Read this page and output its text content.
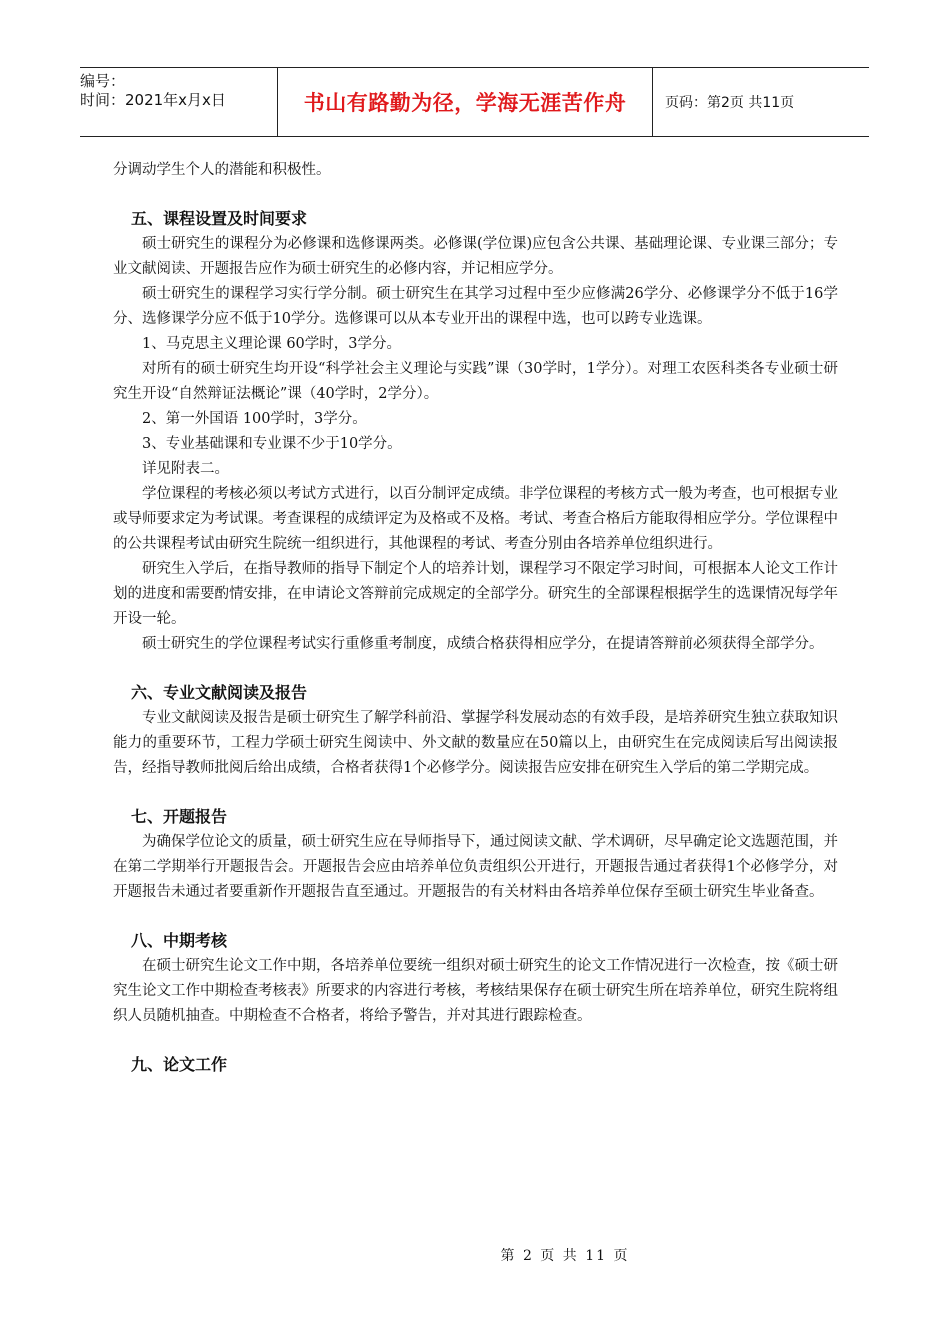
编号：
时间：2021年x月x日	书山有路勤为径，学海无涯苦作舟	页码：第2页 共11页

分调动学生个人的潜能和积极性。

五、课程设置及时间要求

硕士研究生的课程分为必修课和选修课两类。必修课(学位课)应包含公共课、基础理论课、专业课三部分；专业文献阅读、开题报告应作为硕士研究生的必修内容，并记相应学分。

硕士研究生的课程学习实行学分制。硕士研究生在其学习过程中至少应修满26学分、必修课学分不低于16学分、选修课学分应不低于10学分。选修课可以从本专业开出的课程中选，也可以跨专业选课。

1、马克思主义理论课 60学时，3学分。

对所有的硕士研究生均开设“科学社会主义理论与实践”课（30学时，1学分）。对理工农医科类各专业硕士研究生开设“自然辩证法概论”课（40学时，2学分）。

2、第一外国语 100学时，3学分。

3、专业基础课和专业课不少于10学分。

详见附表二。

学位课程的考核必须以考试方式进行，以百分制评定成绩。非学位课程的考核方式一般为考查，也可根据专业或导师要求定为考试课。考查课程的成绩评定为及格或不及格。考试、考查合格后方能取得相应学分。学位课程中的公共课程考试由研究生院统一组织进行，其他课程的考试、考查分别由各培养单位组织进行。

研究生入学后，在指导教师的指导下制定个人的培养计划，课程学习不限定学习时间，可根据本人论文工作计划的进度和需要酌情安排，在申请论文答辩前完成规定的全部学分。研究生的全部课程根据学生的选课情况每学年开设一轮。

硕士研究生的学位课程考试实行重修重考制度，成绩合格获得相应学分，在提请答辩前必须获得全部学分。

六、专业文献阅读及报告

专业文献阅读及报告是硕士研究生了解学科前沿、掌握学科发展动态的有效手段，是培养研究生独立获取知识能力的重要环节，工程力学硕士研究生阅读中、外文献的数量应在50篇以上，由研究生在完成阅读后写出阅读报告，经指导教师批阅后给出成绩，合格者获得1个必修学分。阅读报告应安排在研究生入学后的第二学期完成。

七、开题报告

为确保学位论文的质量，硕士研究生应在导师指导下，通过阅读文献、学术调研，尽早确定论文选题范围，并在第二学期举行开题报告会。开题报告会应由培养单位负责组织公开进行，开题报告通过者获得1个必修学分，对开题报告未通过者要重新作开题报告直至通过。开题报告的有关材料由各培养单位保存至硕士研究生毕业备查。

八、中期考核

在硕士研究生论文工作中期，各培养单位要统一组织对硕士研究生的论文工作情况进行一次检查，按《硕士研究生论文工作中期检查考核表》所要求的内容进行考核，考核结果保存在硕士研究生所在培养单位，研究生院将组织人员随机抽查。中期检查不合格者，将给予警告，并对其进行跟踪检查。

九、论文工作
第 2 页 共 11 页
